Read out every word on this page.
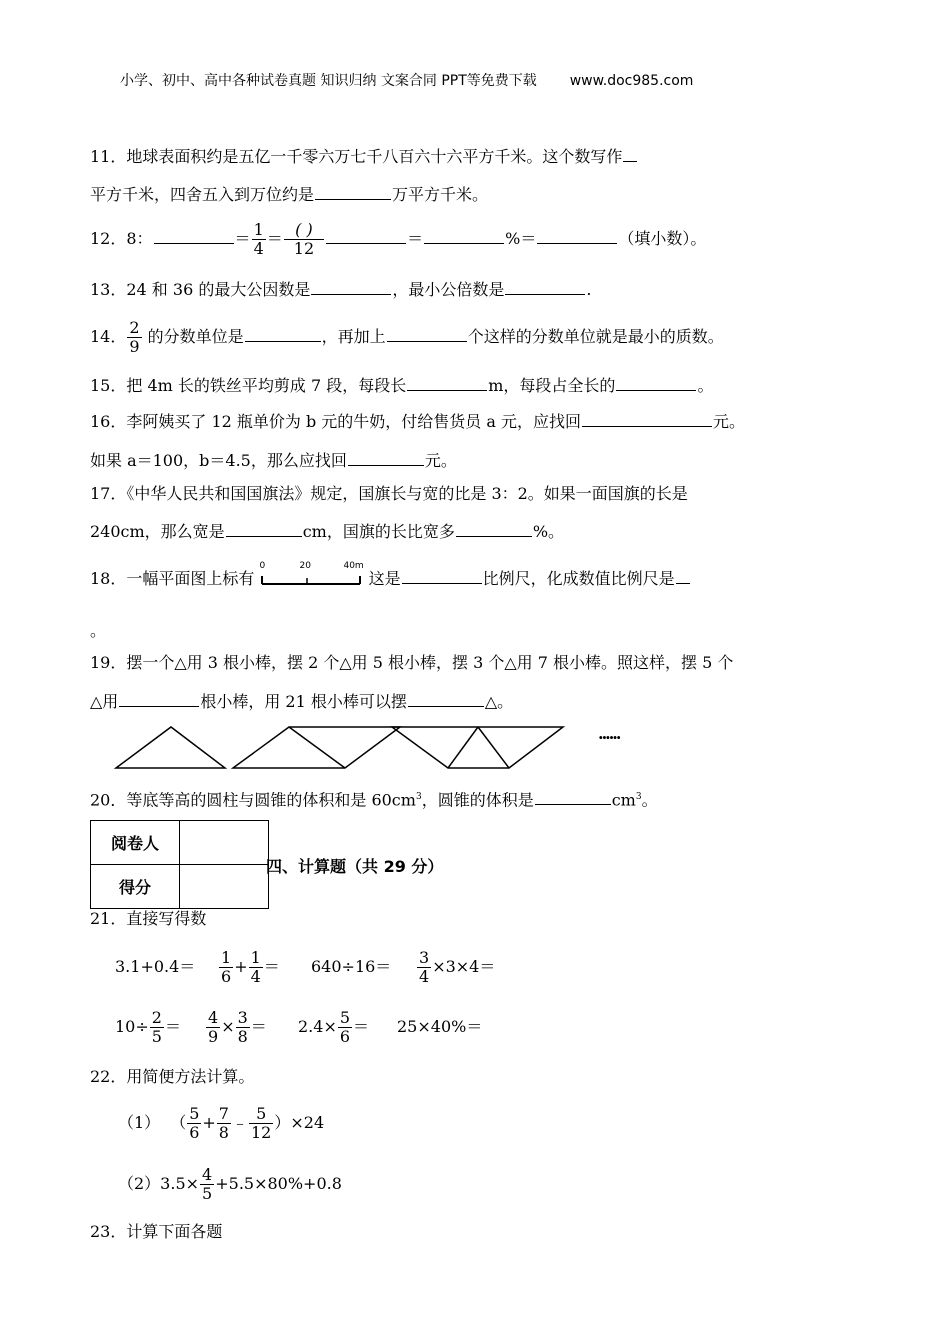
小学、初中、高中各种试卷真题 知识归纳 文案合同 PPT等免费下载 www.doc985.com
11．地球表面积约是五亿一千零六万七千八百六十六平方千米。这个数写作
平方千米，四舍五入到万位约是	万平方千米。
12．8：	＝ $\frac{1}{4} = \frac{( )}{12}$	＝	%＝	（填小数）。
13．24 和 36 的最大公因数是	，最小公倍数是	.
14． $\frac{2}{9}$ 的分数单位是	，再加上	个这样的分数单位就是最小的质数。
15．把 4m 长的铁丝平均剪成 7 段，每段长	m，每段占全长的	。
16．李阿姨买了 12 瓶单价为 b 元的牛奶，付给售货员 a 元，应找回	元。
如果 a＝100，b＝4.5，那么应找回	元。
17．《中华人民共和国国旗法》规定，国旗长与宽的比是 3：2。如果一面国旗的长是
240cm，那么宽是	cm，国旗的长比宽多	%。
18．一幅平面图上标有
0	20	40m
这是	比例尺，化成数值比例尺是
。
19．摆一个△用 3 根小棒，摆 2 个△用 5 根小棒，摆 3 个△用 7 根小棒。照这样，摆 5 个
△用	根小棒，用 21 根小棒可以摆	△。
······
20．等底等高的圆柱与圆锥的体积和是 $60cm^3$，圆锥的体积是	$cm^3$。
阅卷人	
得分	
四、计算题（共 29 分）
21．直接写得数
$3.1+0.4= \frac{1}{6} + \frac{1}{4} = 640\div 16= \frac{3}{4} \times 3\times 4=$
$10\div \frac{2}{5} = \frac{4}{9} \times \frac{3}{8} = 2.4\times \frac{5}{6} = 25\times 40\%=$
22．用简便方法计算。
（1） （ $\frac{5}{6} + \frac{7}{8}$ ﹣ $\frac{5}{12} )\times 24$
$(2)3.5\times \frac{4}{5} +5.5\times 80\%+0.8$
23．计算下面各题
